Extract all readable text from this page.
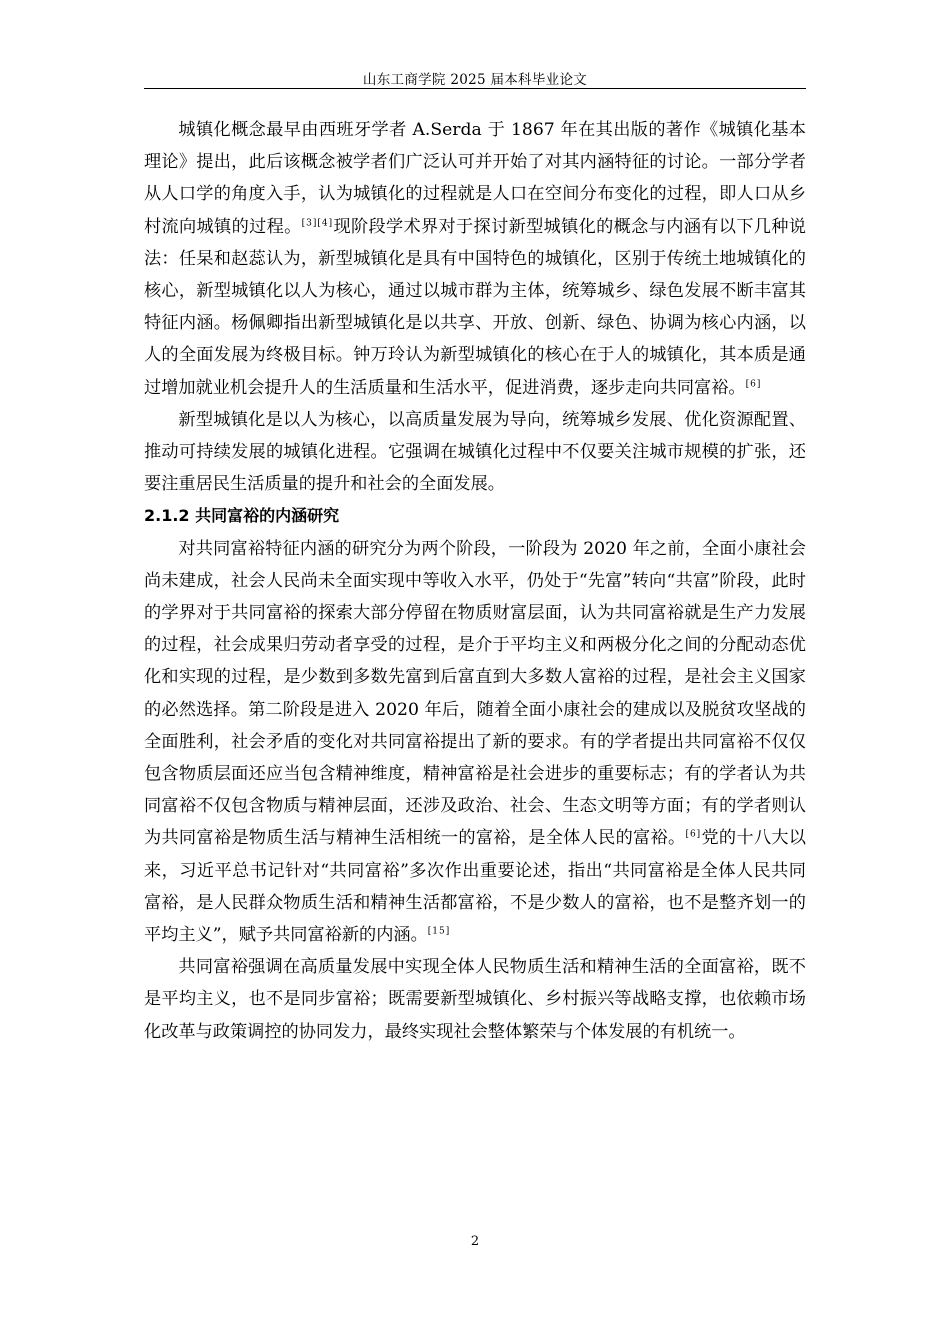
山东工商学院 2025 届本科毕业论文

城镇化概念最早由西班牙学者 A.Serda 于 1867 年在其出版的著作《城镇化基本理论》提出，此后该概念被学者们广泛认可并开始了对其内涵特征的讨论。一部分学者从人口学的角度入手，认为城镇化的过程就是人口在空间分布变化的过程，即人口从乡村流向城镇的过程。[3][4]现阶段学术界对于探讨新型城镇化的概念与内涵有以下几种说法：任杲和赵蕊认为，新型城镇化是具有中国特色的城镇化，区别于传统土地城镇化的核心，新型城镇化以人为核心，通过以城市群为主体，统筹城乡、绿色发展不断丰富其特征内涵。杨佩卿指出新型城镇化是以共享、开放、创新、绿色、协调为核心内涵，以人的全面发展为终极目标。钟万玲认为新型城镇化的核心在于人的城镇化，其本质是通过增加就业机会提升人的生活质量和生活水平，促进消费，逐步走向共同富裕。[6]

新型城镇化是以人为核心，以高质量发展为导向，统筹城乡发展、优化资源配置、推动可持续发展的城镇化进程。它强调在城镇化过程中不仅要关注城市规模的扩张，还要注重居民生活质量的提升和社会的全面发展。

2.1.2 共同富裕的内涵研究

对共同富裕特征内涵的研究分为两个阶段，一阶段为 2020 年之前，全面小康社会尚未建成，社会人民尚未全面实现中等收入水平，仍处于“先富”转向“共富”阶段，此时的学界对于共同富裕的探索大部分停留在物质财富层面，认为共同富裕就是生产力发展的过程，社会成果归劳动者享受的过程，是介于平均主义和两极分化之间的分配动态优化和实现的过程，是少数到多数先富到后富直到大多数人富裕的过程，是社会主义国家的必然选择。第二阶段是进入 2020 年后，随着全面小康社会的建成以及脱贫攻坚战的全面胜利，社会矛盾的变化对共同富裕提出了新的要求。有的学者提出共同富裕不仅仅包含物质层面还应当包含精神维度，精神富裕是社会进步的重要标志；有的学者认为共同富裕不仅包含物质与精神层面，还涉及政治、社会、生态文明等方面；有的学者则认为共同富裕是物质生活与精神生活相统一的富裕，是全体人民的富裕。[6]党的十八大以来，习近平总书记针对“共同富裕”多次作出重要论述，指出“共同富裕是全体人民共同富裕，是人民群众物质生活和精神生活都富裕，不是少数人的富裕，也不是整齐划一的平均主义”，赋予共同富裕新的内涵。[15]

共同富裕强调在高质量发展中实现全体人民物质生活和精神生活的全面富裕，既不是平均主义，也不是同步富裕；既需要新型城镇化、乡村振兴等战略支撑，也依赖市场化改革与政策调控的协同发力，最终实现社会整体繁荣与个体发展的有机统一。

2
